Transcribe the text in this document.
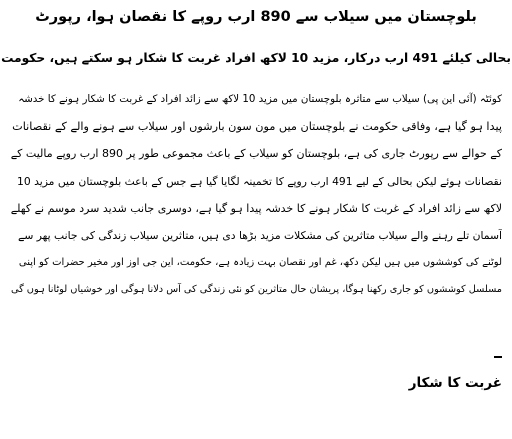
بلوچستان میں سیلاب سے 890 ارب روپے کا نقصان ہوا، رپورٹ
بحالی کیلئے 491 ارب درکار، مزید 10 لاکھ افراد غربت کا شکار ہو سکتے ہیں، حکومت
کوئٹہ (آئی این پی) سیلاب سے متاثرہ بلوچستان میں مزید 10 لاکھ سے زائد افراد کے غربت کا شکار ہونے کا خدشہ
پیدا ہو گیا ہے، وفاقی حکومت نے بلوچستان میں مون سون بارشوں اور سیلاب سے ہونے والے کے نقصانات
کے حوالے سے رپورٹ جاری کی ہے، بلوچستان کو سیلاب کے باعث مجموعی طور پر 890 ارب روپے مالیت کے
نقصانات ہوئے لیکن بحالی کے لیے 491 ارب روپے کا تخمینہ لگایا گیا ہے جس کے باعث بلوچستان میں مزید 10
لاکھ سے زائد افراد کے غربت کا شکار ہونے کا خدشہ پیدا ہو گیا ہے، دوسری جانب شدید سرد موسم نے کھلے
آسمان تلے رہنے والے سیلاب متاثرین کی مشکلات مزید بڑھا دی ہیں، متاثرین سیلاب زندگی کی جانب پھر سے
لوٹنے کی کوششوں میں ہیں لیکن دکھ، غم اور نقصان بہت زیادہ ہے، حکومت، این جی اوز اور مخیر حضرات کو اپنی
مسلسل کوششوں کو جاری رکھنا ہوگا، پریشان حال متاثرین کو نئی زندگی کی آس دلانا ہوگی اور خوشیاں لوٹانا ہوں گی
غربت کا شکار
